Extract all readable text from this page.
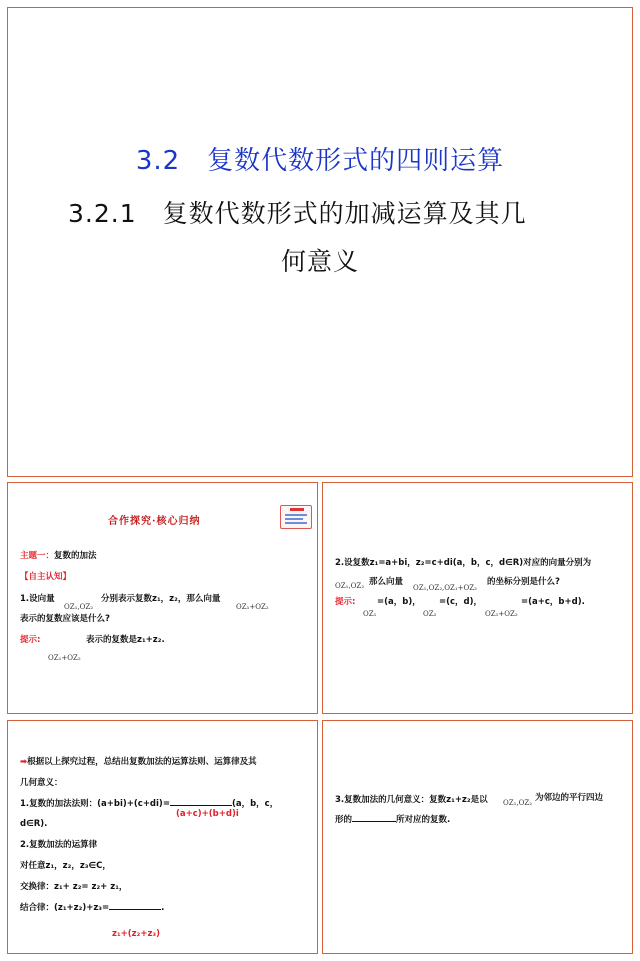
3.2　复数代数形式的四则运算
3.2.1　复数代数形式的加减运算及其几
何意义
合作探究·核心归纳
主题一：复数的加法
【自主认知】
1.设向量
OZ₁,OZ₂
分别表示复数z₁，z₂，那么向量
OZ₁+OZ₂
表示的复数应该是什么?
提示:	表示的复数是z₁+z₂.
OZ₁+OZ₂
2.设复数z₁=a+bi，z₂=c+di(a，b，c，d∈R)对应的向量分别为
OZ₁,OZ₂ 那么向量
OZ₁,OZ₂,OZ₁+OZ₂
的坐标分别是什么?
提示:	=(a，b)， =(c，d)，	=(a+c，b+d).
OZ₁	OZ₂	OZ₁+OZ₂
➡根据以上探究过程，总结出复数加法的运算法则、运算律及其
几何意义：
1.复数的加法法则：(a+bi)+(c+di)=	(a，b，c，
(a+c)+(b+d)i
d∈R).
2.复数加法的运算律
对任意z₁，z₂，z₃∈C，
交换律：z₁+ z₂= z₂+ z₁，
结合律：(z₁+z₂)+z₃=	.
z₁+(z₂+z₃)
3.复数加法的几何意义：复数z₁+z₂是以 OZ₁,OZ₂ 为邻边的平行四边
形的	所对应的复数.
